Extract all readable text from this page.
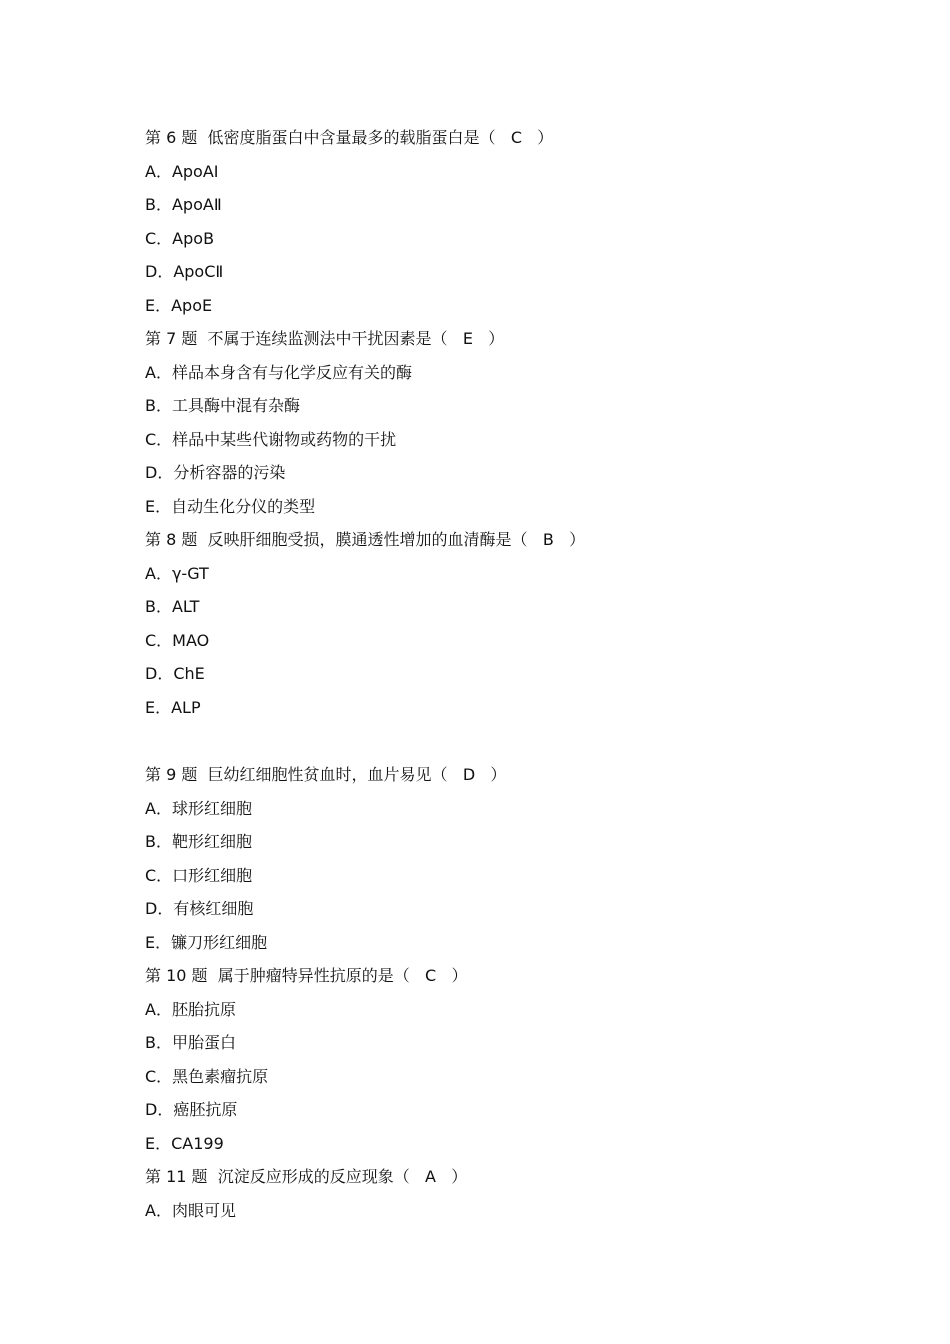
第 6 题 低密度脂蛋白中含量最多的载脂蛋白是（ C ）
A．ApoAⅠ
B．ApoAⅡ
C．ApoB
D．ApoCⅡ
E．ApoE
第 7 题 不属于连续监测法中干扰因素是（ E ）
A．样品本身含有与化学反应有关的酶
B．工具酶中混有杂酶
C．样品中某些代谢物或药物的干扰
D．分析容器的污染
E．自动生化分仪的类型
第 8 题 反映肝细胞受损，膜通透性增加的血清酶是（ B ）
A．γ-GT
B．ALT
C．MAO
D．ChE
E．ALP
第 9 题 巨幼红细胞性贫血时，血片易见（ D ）
A．球形红细胞
B．靶形红细胞
C．口形红细胞
D．有核红细胞
E．镰刀形红细胞
第 10 题 属于肿瘤特异性抗原的是（ C ）
A．胚胎抗原
B．甲胎蛋白
C．黑色素瘤抗原
D．癌胚抗原
E．CA199
第 11 题 沉淀反应形成的反应现象（ A ）
A．肉眼可见
